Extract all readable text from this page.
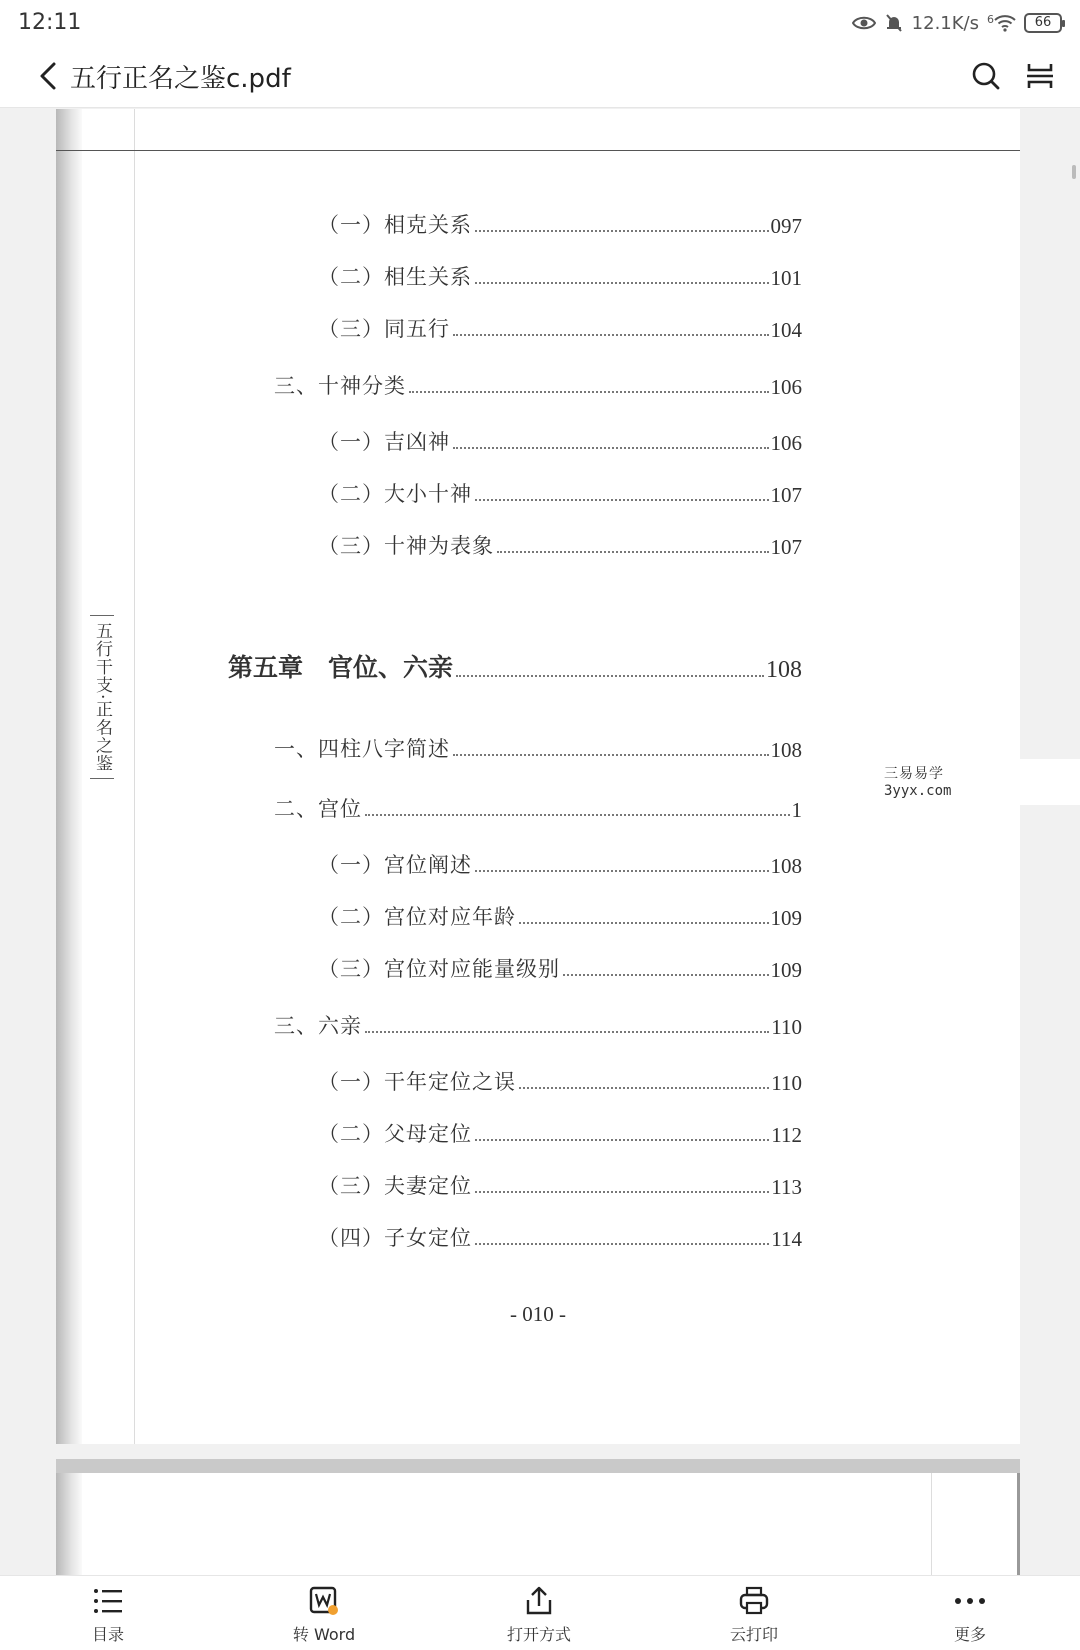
12:11	12.1K/s 6	66
五行正名之鉴c.pdf
五行干支·正名之鉴
（一）相克关系	097
（二）相生关系	101
（三）同五行	104
三、十神分类	106
（一）吉凶神	106
（二）大小十神	107
（三）十神为表象	107
第五章　官位、六亲	108
一、四柱八字简述	108
二、宫位	1
（一）宫位阐述	108
（二）宫位对应年龄	109
（三）宫位对应能量级别	109
三、六亲	110
（一）干年定位之误	110
（二）父母定位	112
（三）夫妻定位	113
（四）子女定位	114
- 010 -
三易易学
3yyx.com
目录	转 Word	打开方式	云打印	更多
